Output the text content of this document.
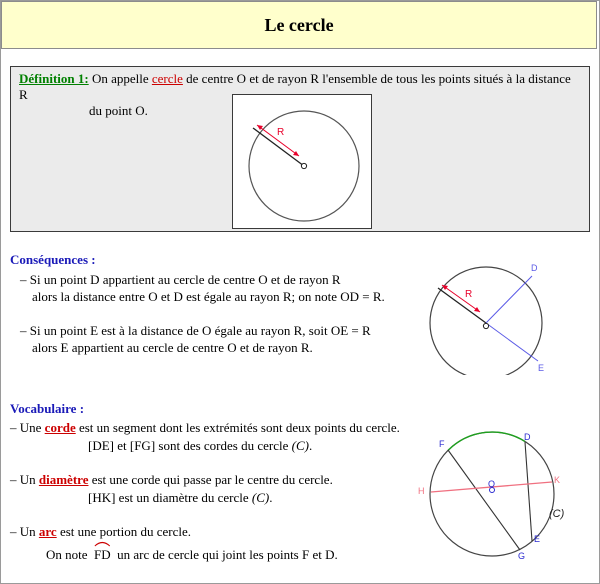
Le cercle
Définition 1: On appelle cercle de centre O et de rayon R l'ensemble de tous les points situés à la distance R
du point O.
R
Conséquences :
– Si un point D appartient au cercle de centre O et de rayon R
alors la distance entre O et D est égale au rayon R; on note OD = R.
– Si un point E est à la distance de O égale au rayon R, soit OE = R
alors E appartient au cercle de centre O et de rayon R.
R
D
E
Vocabulaire :
– Une corde est un segment dont les extrémités sont deux points du cercle.
[DE] et [FG] sont des cordes du cercle (C).
– Un diamètre est une corde qui passe par le centre du cercle.
[HK] est un diamètre du cercle (C).
– Un arc est une portion du cercle.
On note FD un arc de cercle qui joint les points F et D.
F
D
H
K
O
G
E
(C)
